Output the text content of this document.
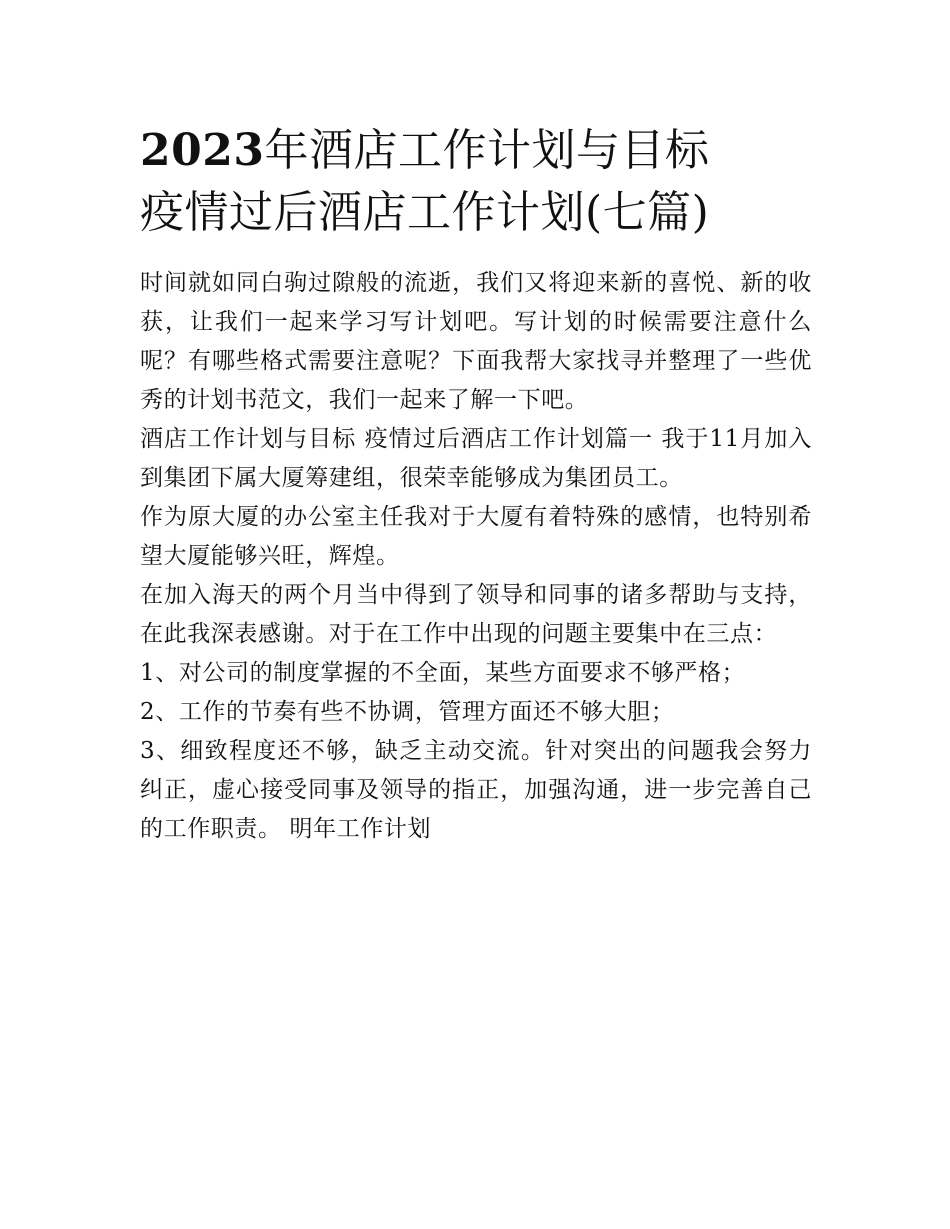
2023年酒店工作计划与目标
疫情过后酒店工作计划(七篇)

时间就如同白驹过隙般的流逝，我们又将迎来新的喜悦、新的收获，让我们一起来学习写计划吧。写计划的时候需要注意什么呢？有哪些格式需要注意呢？下面我帮大家找寻并整理了一些优秀的计划书范文，我们一起来了解一下吧。

酒店工作计划与目标 疫情过后酒店工作计划篇一 我于11月加入到集团下属大厦筹建组，很荣幸能够成为集团员工。

作为原大厦的办公室主任我对于大厦有着特殊的感情，也特别希望大厦能够兴旺，辉煌。

在加入海天的两个月当中得到了领导和同事的诸多帮助与支持，在此我深表感谢。对于在工作中出现的问题主要集中在三点：

1、对公司的制度掌握的不全面，某些方面要求不够严格；

2、工作的节奏有些不协调，管理方面还不够大胆；

3、细致程度还不够，缺乏主动交流。针对突出的问题我会努力纠正，虚心接受同事及领导的指正，加强沟通，进一步完善自己的工作职责。 明年工作计划
